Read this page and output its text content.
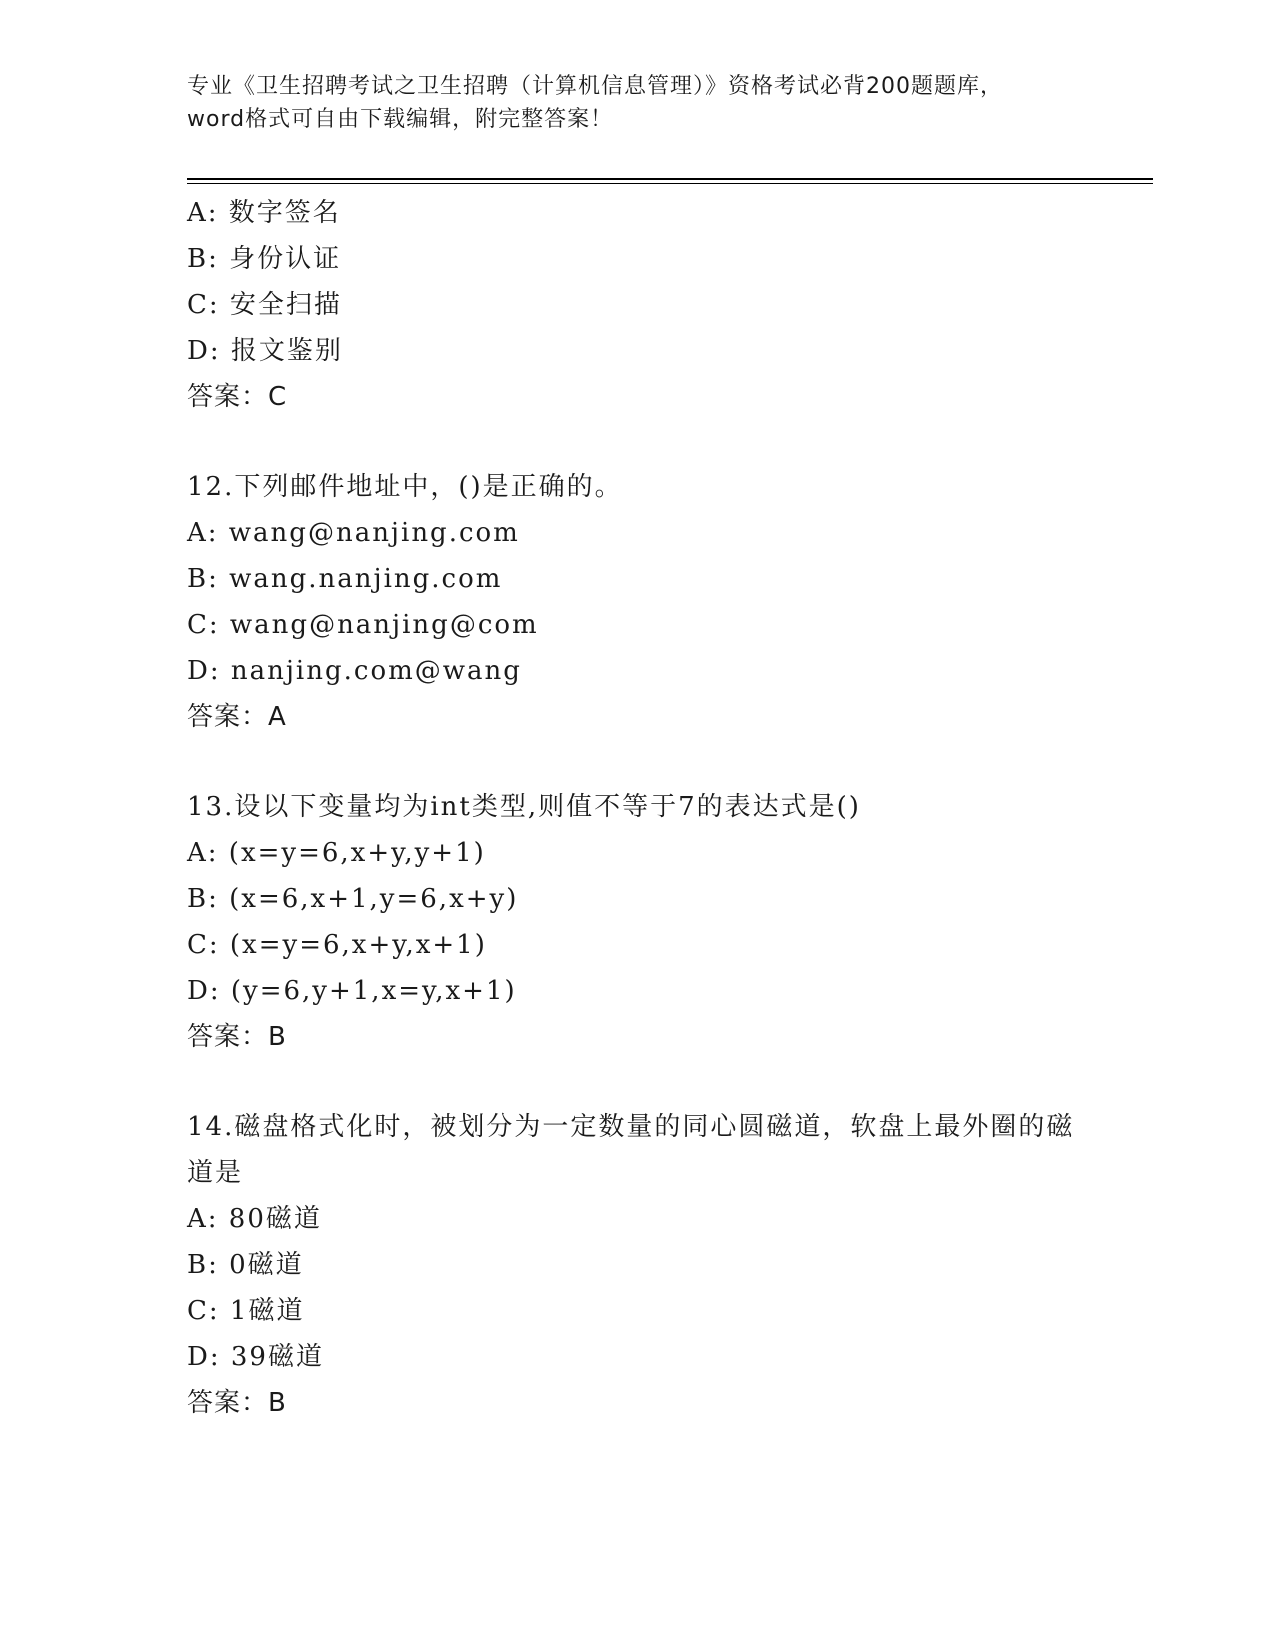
专业《卫生招聘考试之卫生招聘（计算机信息管理）》资格考试必背200题题库，
word格式可自由下载编辑，附完整答案！
A: 数字签名
B: 身份认证
C: 安全扫描
D: 报文鉴别
答案：C
12.下列邮件地址中，()是正确的。
A: wang@nanjing.com
B: wang.nanjing.com
C: wang@nanjing@com
D: nanjing.com@wang
答案：A
13.设以下变量均为int类型,则值不等于7的表达式是()
A: (x=y=6,x+y,y+1)
B: (x=6,x+1,y=6,x+y)
C: (x=y=6,x+y,x+1)
D: (y=6,y+1,x=y,x+1)
答案：B
14.磁盘格式化时，被划分为一定数量的同心圆磁道，软盘上最外圈的磁道是
A: 80磁道
B: 0磁道
C: 1磁道
D: 39磁道
答案：B
